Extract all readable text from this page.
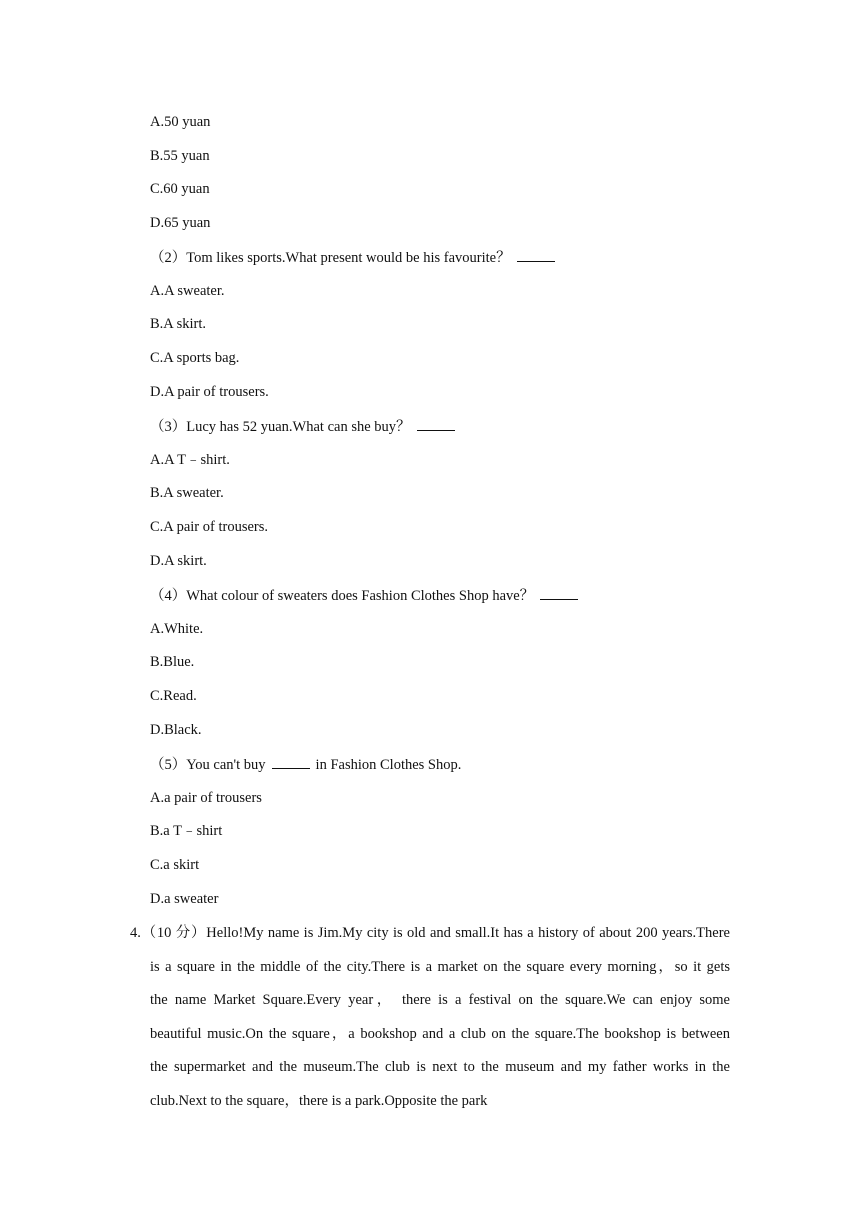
A.50 yuan
B.55 yuan
C.60 yuan
D.65 yuan
（2）Tom likes sports.What present would be his favourite？
A.A sweater.
B.A skirt.
C.A sports bag.
D.A pair of trousers.
（3）Lucy has 52 yuan.What can she buy？
A.A T﹣shirt.
B.A sweater.
C.A pair of trousers.
D.A skirt.
（4）What colour of sweaters does Fashion Clothes Shop have？
A.White.
B.Blue.
C.Read.
D.Black.
（5）You can't buy	in Fashion Clothes Shop.
A.a pair of trousers
B.a T﹣shirt
C.a skirt
D.a sweater
4.（10 分）Hello!My name is Jim.My city is old and small.It has a history of about 200 years.There
is a square in the middle of the city.There is a market on the square every morning，so it gets
the name Market Square.Every year， there is a festival on the square.We can enjoy some
beautiful music.On the square，a bookshop and a club on the square.The bookshop is between
the supermarket and the museum.The club is next to the museum and my father works in the
club.Next to the square，there is a park.Opposite the park
